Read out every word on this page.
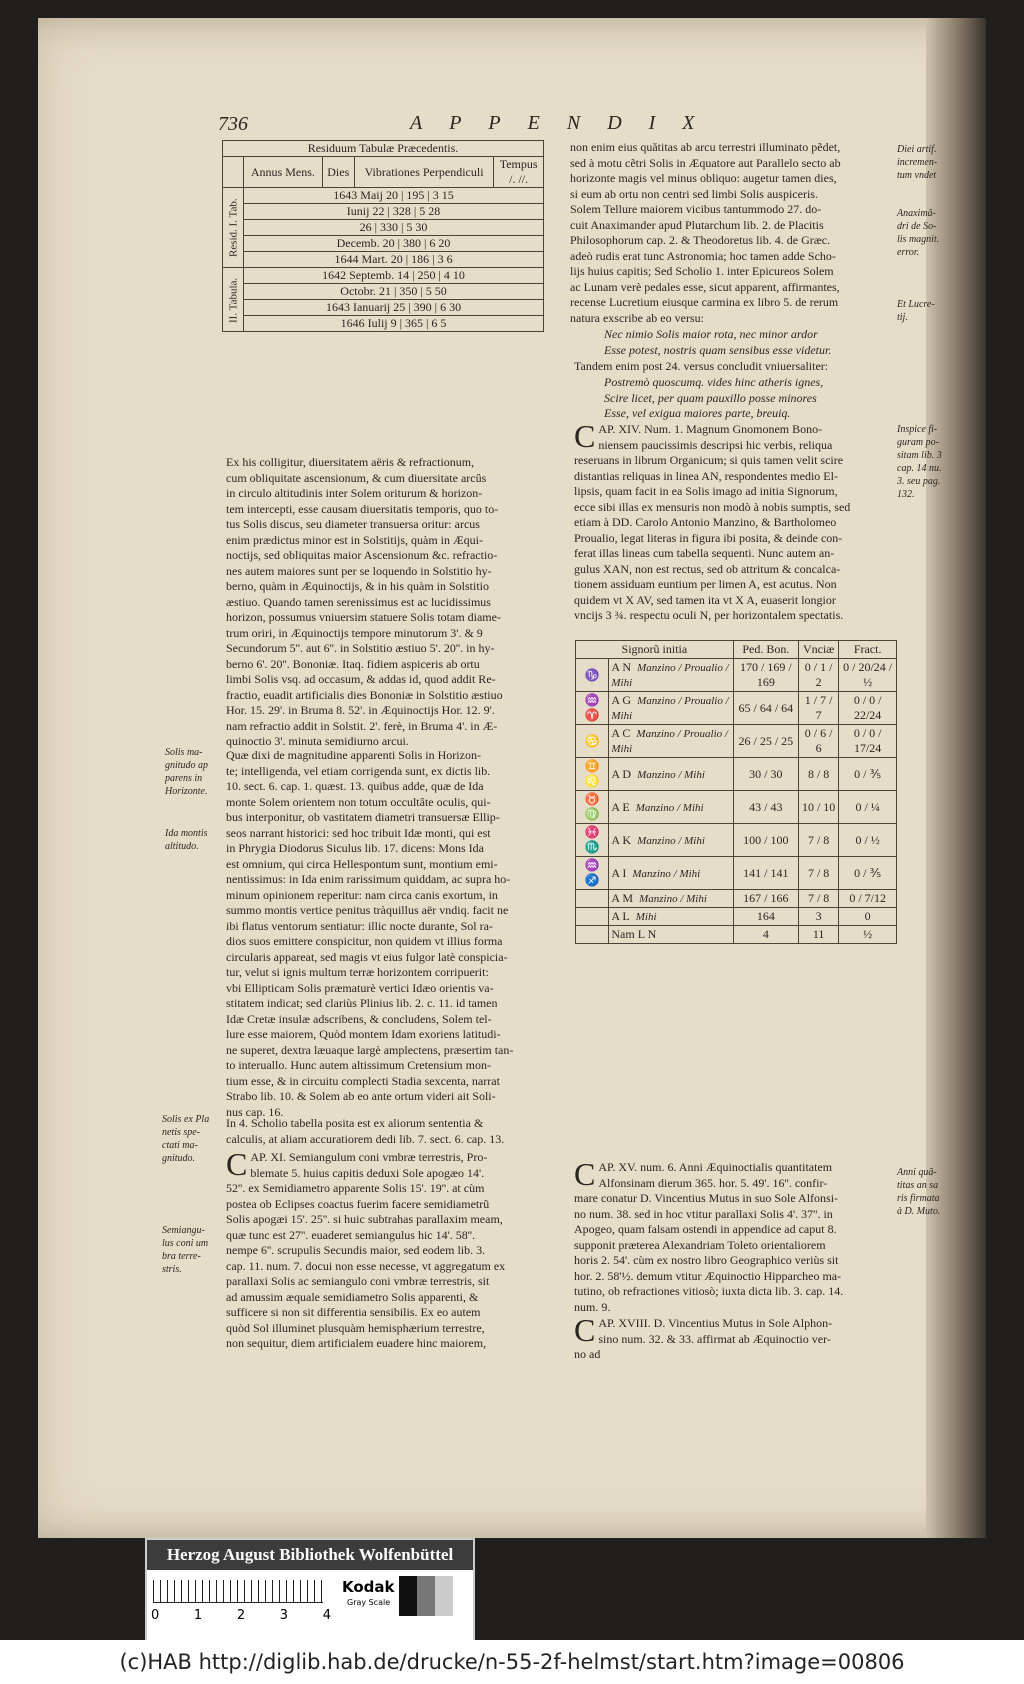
736	APPENDIX
Residuum Tabulæ Præcedentis.				
	Annus Mens.	Dies	Vibrationes Perpendiculi	Tempus
/. //.
Resid. I. Tab.	1643 Maij 20 | 195 | 3 15			
	Iunij 22 | 328 | 5 28			
	26 | 330 | 5 30			
	Decemb. 20 | 380 | 6 20			
	1644 Mart. 20 | 186 | 3 6			
II. Tabula.	1642 Septemb. 14 | 250 | 4 10			
	Octobr. 21 | 350 | 5 50			
	1643 Ianuarij 25 | 390 | 6 30			
	1646 Iulij 9 | 365 | 6 5			
Ex his colligitur, diuersitatem aëris & refractionum,
cum obliquitate ascensionum, & cum diuersitate arcûs
in circulo altitudinis inter Solem oriturum & horizon-
tem intercepti, esse causam diuersitatis temporis, quo to-
tus Solis discus, seu diameter transuersa oritur: arcus
enim prædictus minor est in Solstitijs, quàm in Æqui-
noctijs, sed obliquitas maior Ascensionum &c. refractio-
nes autem maiores sunt per se loquendo in Solstitio hy-
berno, quàm in Æquinoctijs, & in his quàm in Solstitio
æstiuo. Quando tamen serenissimus est ac lucidissimus
horizon, possumus vniuersim statuere Solis totam diame-
trum oriri, in Æquinoctijs tempore minutorum 3'. & 9
Secundorum 5''. aut 6''. in Solstitio æstiuo 5'. 20''. in hy-
berno 6'. 20''. Bononiæ. Itaq. fidiem aspiceris ab ortu
limbi Solis vsq. ad occasum, & addas id, quod addit Re-
fractio, euadit artificialis dies Bononiæ in Solstitio æstiuo
Hor. 15. 29'. in Bruma 8. 52'. in Æquinoctijs Hor. 12. 9'.
nam refractio addit in Solstit. 2'. ferè, in Bruma 4'. in Æ-
quinoctio 3'. minuta semidiurno arcui.
Quæ dixi de magnitudine apparenti Solis in Horizon-
te; intelligenda, vel etiam corrigenda sunt, ex dictis lib.
10. sect. 6. cap. 1. quæst. 13. quibus adde, quæ de Ida
monte Solem orientem non totum occultâte oculis, qui-
bus interponitur, ob vastitatem diametri transuersæ Ellip-
seos narrant historici: sed hoc tribuit Idæ monti, qui est
in Phrygia Diodorus Siculus lib. 17. dicens: Mons Ida
est omnium, qui circa Hellespontum sunt, montium emi-
nentissimus: in Ida enim rarissimum quiddam, ac supra ho-
minum opinionem reperitur: nam circa canis exortum, in
summo montis vertice penitus tràquillus aër vndiq. facit ne
ibi flatus ventorum sentiatur: illic nocte durante, Sol ra-
dios suos emittere conspicitur, non quidem vt illius forma
circularis appareat, sed magis vt eius fulgor latè conspicia-
tur, velut si ignis multum terræ horizontem corripuerit:
vbi Ellipticam Solis præmaturè vertici Idæo orientis va-
stitatem indicat; sed clariùs Plinius lib. 2. c. 11. id tamen
Idæ Cretæ insulæ adscribens, & concludens, Solem tel-
lure esse maiorem, Quòd montem Idam exoriens latitudi-
ne superet, dextra læuaque largè amplectens, præsertim tan-
to interuallo. Hunc autem altissimum Cretensium mon-
tium esse, & in circuitu complecti Stadia sexcenta, narrat
Strabo lib. 10. & Solem ab eo ante ortum videri ait Soli-
nus cap. 16.
In 4. Scholio tabella posita est ex aliorum sententia &
calculis, at aliam accuratiorem dedi lib. 7. sect. 6. cap. 13.
CAP. XI. Semiangulum coni vmbræ terrestris, Pro-
blemate 5. huius capitis deduxi Sole apogæo 14'.
52''. ex Semidiametro apparente Solis 15'. 19''. at cùm
postea ob Eclipses coactus fuerim facere semidiametrũ
Solis apogæi 15'. 25''. si huic subtrahas parallaxim meam,
quæ tunc est 27''. euaderet semiangulus hic 14'. 58''.
nempe 6''. scrupulis Secundis maior, sed eodem lib. 3.
cap. 11. num. 7. docui non esse necesse, vt aggregatum ex
parallaxi Solis ac semiangulo coni vmbræ terrestris, sit
ad amussim æquale semidiametro Solis apparenti, &
sufficere si non sit differentia sensibilis. Ex eo autem
quòd Sol illuminet plusquàm hemisphærium terrestre,
non sequitur, diem artificialem euadere hinc maiorem,
Solis ma-
gnitudo ap
parens in
Horizonte.
Ida montis
altitudo.
Solis ex Pla
netis spe-
ctati ma-
gnitudo.
Semiangu-
lus coni um
bra terre-
stris.
non enim eius quătitas ab arcu terrestri illuminato pẽdet,
sed à motu cẽtri Solis in Æquatore aut Parallelo secto ab
horizonte magis vel minus obliquo: augetur tamen dies,
si eum ab ortu non centri sed limbi Solis auspiceris.
Solem Tellure maiorem vicibus tantummodo 27. do-
cuit Anaximander apud Plutarchum lib. 2. de Placitis
Philosophorum cap. 2. & Theodoretus lib. 4. de Græc.
adeò rudis erat tunc Astronomia; hoc tamen adde Scho-
lijs huius capitis; Sed Scholio 1. inter Epicureos Solem
ac Lunam verè pedales esse, sicut apparent, affirmantes,
recense Lucretium eiusque carmina ex libro 5. de rerum
natura exscribe ab eo versu:
Nec nimio Solis maior rota, nec minor ardor
Esse potest, nostris quam sensibus esse videtur.
Tandem enim post 24. versus concludit vniuersaliter:
Postremò quoscumq. vides hinc atheris ignes,
Scire licet, per quam pauxillo posse minores
Esse, vel exigua maiores parte, breuiq.
CAP. XIV. Num. 1. Magnum Gnomonem Bono-
niensem paucissimis descripsi hic verbis, reliqua
reseruans in librum Organicum; si quis tamen velit scire
distantias reliquas in linea AN, respondentes medio El-
lipsis, quam facit in ea Solis imago ad initia Signorum,
ecce sibi illas ex mensuris non modò à nobis sumptis, sed
etiam à DD. Carolo Antonio Manzino, & Bartholomeo
Proualio, legat literas in figura ibi posita, & deinde con-
ferat illas lineas cum tabella sequenti. Nunc autem an-
gulus XAN, non est rectus, sed ob attritum & concalca-
tionem assiduam euntium per limen A, est acutus. Non
quidem vt X AV, sed tamen ita vt X A, euaserit longior
vncijs 3 ¾. respectu oculi N, per horizontalem spectatis.
Diei artif.
incremen-
tum vndet
Anaximă-
dri de So-
lis magnit.
error.
Et Lucre-
tij.
Inspice fi-
guram po-
sitam lib. 3
cap. 14 nu.
3. seu pag.
132.
Anni quă-
titas an sa
ris firmata
à D. Muto.
Signorũ initia		Ped. Bon.	Vnciæ	Fract.
♑	A N Manzino / Proualio / Mihi	170 / 169 / 169	0 / 1 / 2	0 / 20/24 / ½
♒ ♈	A G Manzino / Proualio / Mihi	65 / 64 / 64	1 / 7 / 7	0 / 0 / 22/24
♋	A C Manzino / Proualio / Mihi	26 / 25 / 25	0 / 6 / 6	0 / 0 / 17/24
♊ ♌	A D Manzino / Mihi	30 / 30	8 / 8	0 / ⅗
♉ ♍	A E Manzino / Mihi	43 / 43	10 / 10	0 / ¼
♓ ♏	A K Manzino / Mihi	100 / 100	7 / 8	0 / ½
♒ ♐	A I Manzino / Mihi	141 / 141	7 / 8	0 / ⅗
	A M Manzino / Mihi	167 / 166	7 / 8	0 / 7/12
	A L Mihi	164	3	0
	Nam L N	4	11	½
CAP. XV. num. 6. Anni Æquinoctialis quantitatem
Alfonsinam dierum 365. hor. 5. 49'. 16''. confir-
mare conatur D. Vincentius Mutus in suo Sole Alfonsi-
no num. 38. sed in hoc vtitur parallaxi Solis 4'. 37''. in
Apogeo, quam falsam ostendi in appendice ad caput 8.
supponit præterea Alexandriam Toleto orientaliorem
horis 2. 54'. cùm ex nostro libro Geographico veriùs sit
hor. 2. 58'½. demum vtitur Æquinoctio Hipparcheo ma-
tutino, ob refractiones vitiosò; iuxta dicta lib. 3. cap. 14.
num. 9.
CAP. XVIII. D. Vincentius Mutus in Sole Alphon-
sino num. 32. & 33. affirmat ab Æquinoctio ver-
no ad
Herzog August Bibliothek Wolfenbüttel
0	1	2	3	4
Kodak
Gray Scale
(c)HAB http://diglib.hab.de/drucke/n-55-2f-helmst/start.htm?image=00806
